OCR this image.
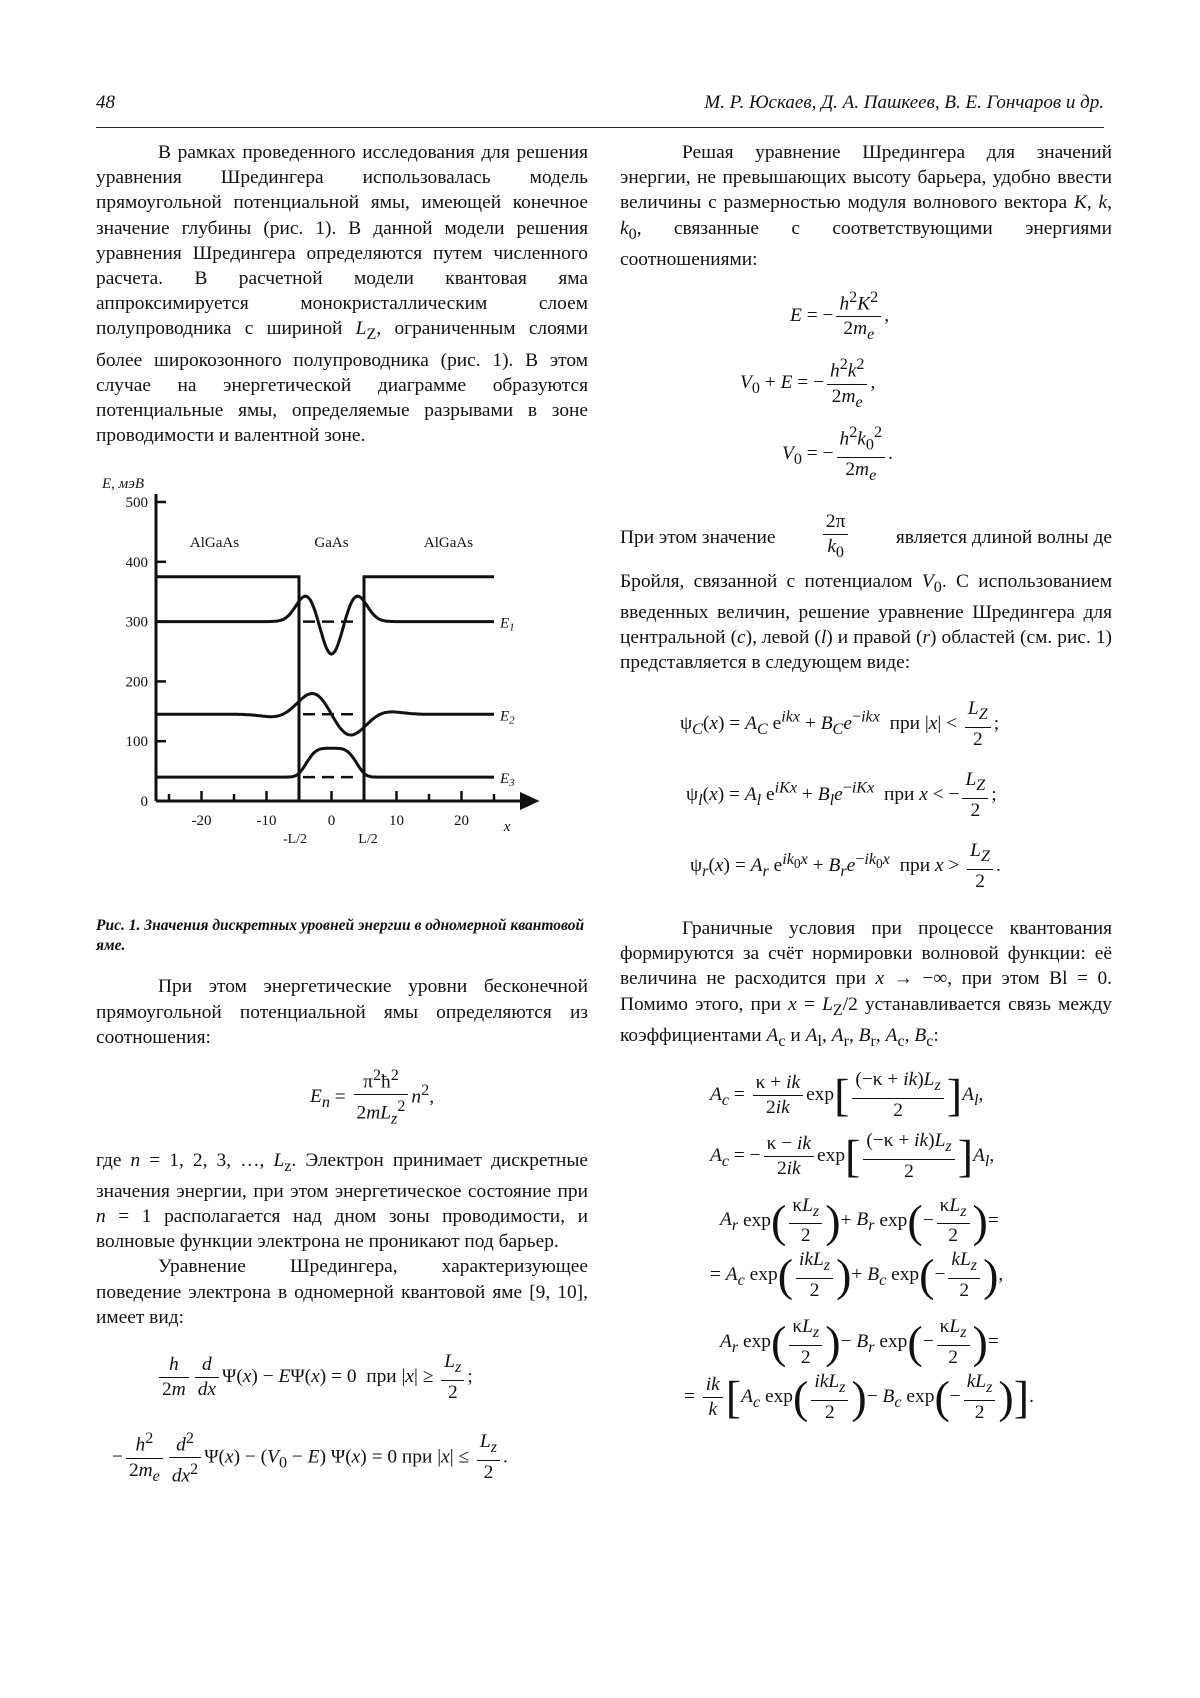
48	М. Р. Юскаев, Д. А. Пашкеев, В. Е. Гончаров и др.

В рамках проведенного исследования для решения уравнения Шредингера использовалась модель прямоугольной потенциальной ямы, имеющей конечное значение глубины (рис. 1). В данной модели решения уравнения Шредингера определяются путем численного расчета. В расчетной модели квантовая яма аппроксимируется монокристаллическим слоем полупроводника с шириной $L_Z$, ограниченным слоями более широкозонного полупроводника (рис. 1). В этом случае на энергетической диаграмме образуются потенциальные ямы, определяемые разрывами в зоне проводимости и валентной зоне.

E, мэВ
x
0
100
200
300
400
500
-20	-10	0	10	20
-L/2	L/2
AlGaAs	GaAs	AlGaAs
$E_3$
$E_2$
$E_1$
Рис. 1. Значения дискретных уровней энергии в одномерной квантовой яме.

При этом энергетические уровни бесконечной прямоугольной потенциальной ямы определяются из соотношения:

$E_n = \frac{\pi^2ħ^2}{2mL_z^2} n^2$,

где n = 1, 2, 3, …, $L_z$. Электрон принимает дискретные значения энергии, при этом энергетическое состояние при n = 1 располагается над дном зоны проводимости, и волновые функции электрона не проникают под барьер.

Уравнение Шредингера, характеризующее поведение электрона в одномерной квантовой яме [9, 10], имеет вид:

$\frac{h}{2m} \frac{d}{dx} \Psi(x) - E\Psi(x) = 0$  при $|x| \ge \frac{L_z}{2}$ ;
− $\frac{h^2}{2m_e} \frac{d^2}{dx^2} \Psi(x) - (V_0 - E) \Psi(x) = 0$ при $|x| \le \frac{L_z}{2}$ .

Решая уравнение Шредингера для значений энергии, не превышающих высоту барьера, удобно ввести величины с размерностью модуля волнового вектора K, k, $k_0$, связанные с соответствующими энергиями соотношениями:

E = − $\frac{h^2K^2}{2m_e}$ ,
$V_0 + E$ = − $\frac{h^2k^2}{2m_e}$ ,
$V_0$ = − $\frac{h^2k_0^2}{2m_e}$ .
При этом значение $\frac{2\pi}{k_0}$ является длиной волны де

Бройля, связанной с потенциалом $V_0$. С использованием введенных величин, решение уравнение Шредингера для центральной (c), левой (l) и правой (r) областей (см. рис. 1) представляется в следующем виде:

$\psi_C(x) = A_C$ $e^{ikx} + B_Ce^{-ikx}$  при $|x| < \frac{L_Z}{2}$ ;
$\psi_l(x) = A_l$ $e^{iKx} + B_le^{-iKx}$  при x < − $\frac{L_Z}{2}$ ;
$\psi_r(x) = A_r$ $e^{ik_0x} + B_re^{-ik_0x}$  при $x > \frac{L_Z}{2}$ .

Граничные условия при процессе квантования формируются за счёт нормировки волновой функции: её величина не расходится при x → −∞, при этом Bl = 0. Помимо этого, при $x = L_Z/2$ устанавливается связь между коэффициентами $A_c$ и $A_l$, $A_r$, $B_r$, $A_c$, $B_c$:

$A_c = \frac{\kappa + ik}{2ik} \exp[ \frac{(-\kappa + ik)L_z}{2} ]A_l$,
$A_c$ = − $\frac{\kappa - ik}{2ik} \exp[ \frac{(-\kappa + ik)L_z}{2} ]A_l$,
$A_r$ $\exp( \frac{\kappa L_z}{2}$ )+ $B_r$ $\exp(- \frac{\kappa L_z}{2}$ )=
= $A_c$ $\exp( \frac{ikL_z}{2}$ )+ $B_c$ $\exp(- \frac{kL_z}{2}$ ),
$A_r$ $\exp( \frac{\kappa L_z}{2}$ )− $B_r$ $\exp(- \frac{\kappa L_z}{2}$ )=
= $\frac{ik}{k} [A_c$ $\exp( \frac{ikL_z}{2}$ )− $B_c$ $\exp(- \frac{kL_z}{2}$ )].
